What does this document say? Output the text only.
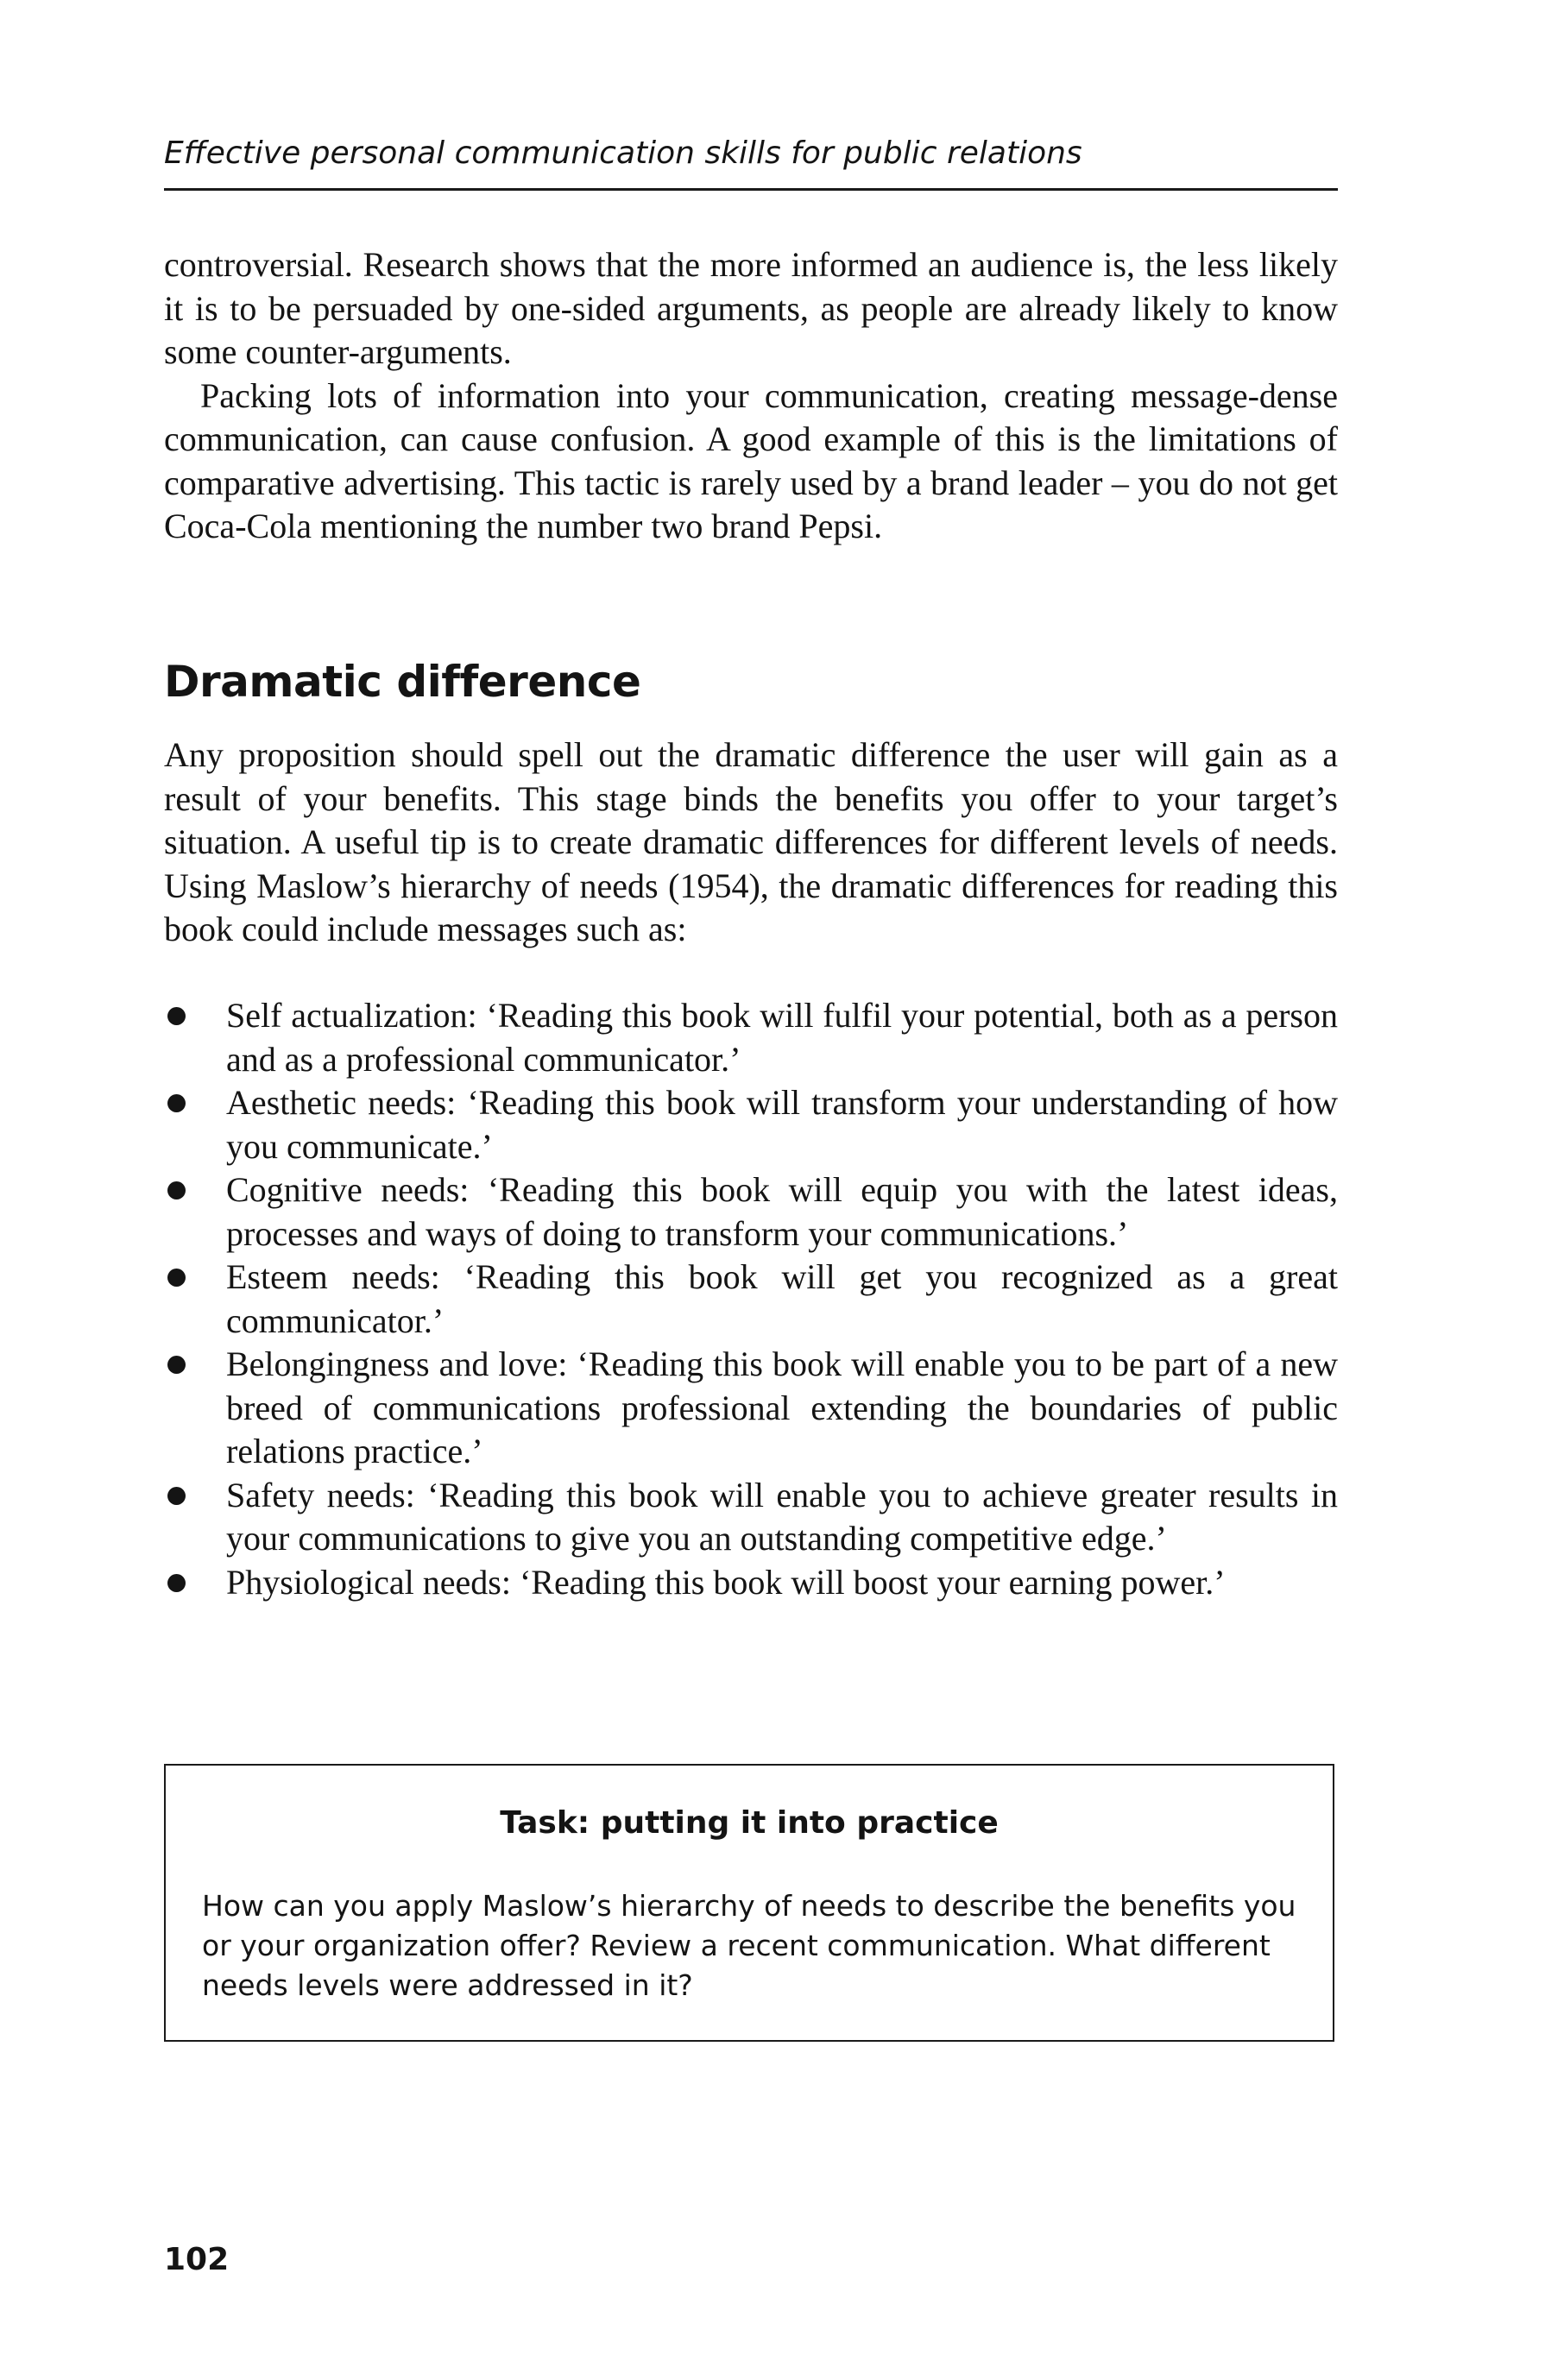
Effective personal communication skills for public relations

controversial. Research shows that the more informed an audience is, the less likely it is to be persuaded by one-sided arguments, as people are already likely to know some counter-arguments.

Packing lots of information into your communication, creating message-dense communication, can cause confusion. A good example of this is the limitations of comparative advertising. This tactic is rarely used by a brand leader – you do not get Coca-Cola mentioning the number two brand Pepsi.

Dramatic difference

Any proposition should spell out the dramatic difference the user will gain as a result of your benefits. This stage binds the benefits you offer to your target’s situation. A useful tip is to create dramatic differences for different levels of needs. Using Maslow’s hierarchy of needs (1954), the dramatic differences for reading this book could include messages such as:

Self actualization: ‘Reading this book will fulfil your potential, both as a person and as a professional communicator.’
Aesthetic needs: ‘Reading this book will transform your understanding of how you communicate.’
Cognitive needs: ‘Reading this book will equip you with the latest ideas, processes and ways of doing to transform your communications.’
Esteem needs: ‘Reading this book will get you recognized as a great communicator.’
Belongingness and love: ‘Reading this book will enable you to be part of a new breed of communications professional extending the boundaries of public relations practice.’
Safety needs: ‘Reading this book will enable you to achieve greater results in your communications to give you an outstanding competitive edge.’
Physiological needs: ‘Reading this book will boost your earning power.’
Task: putting it into practice

How can you apply Maslow’s hierarchy of needs to describe the benefits you or your organization offer? Review a recent communication. What different needs levels were addressed in it?

102
